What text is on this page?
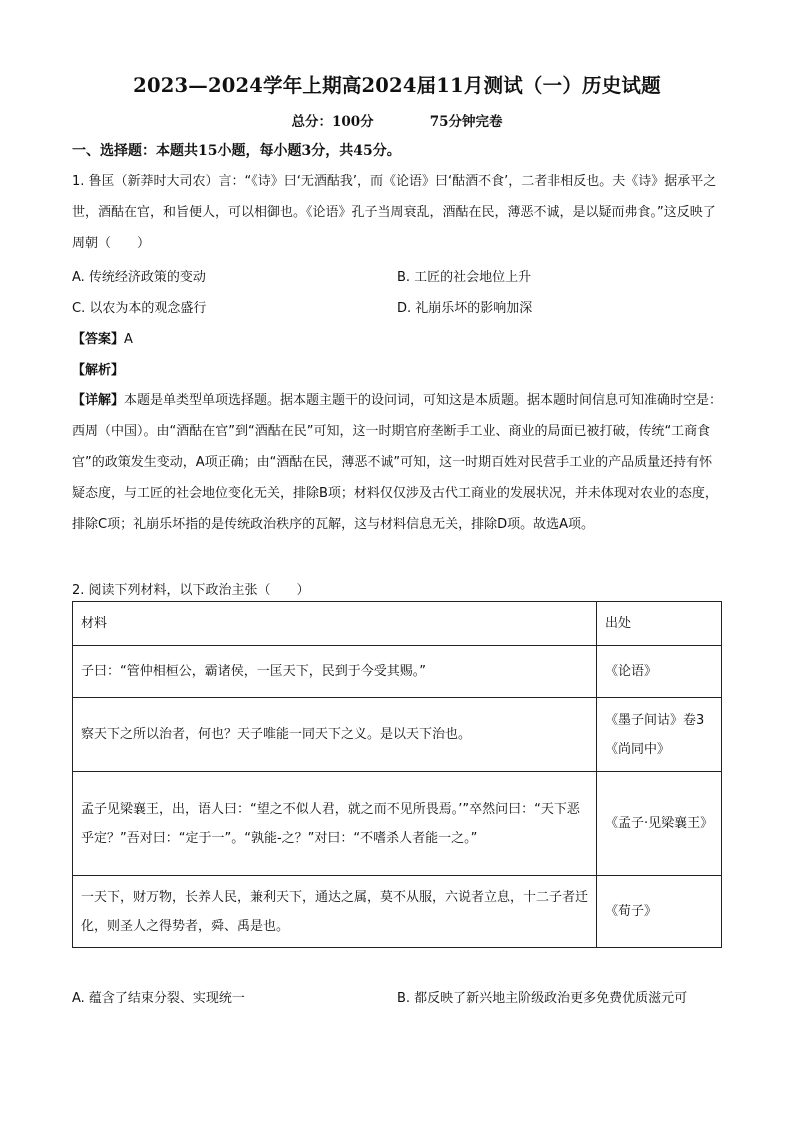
2023—2024学年上期高2024届11月测试（一）历史试题
总分：100分	75分钟完卷
一、选择题：本题共15小题，每小题3分，共45分。
1. 鲁匡（新莽时大司农）言：“《诗》曰‘无酒酤我’，而《论语》曰‘酤酒不食’，二者非相反也。夫《诗》据承平之世，酒酤在官，和旨便人，可以相御也。《论语》孔子当周衰乱，酒酤在民，薄恶不诚，是以疑而弗食。”这反映了周朝（　　）
A. 传统经济政策的变动	B. 工匠的社会地位上升
C. 以农为本的观念盛行	D. 礼崩乐坏的影响加深
【答案】A
【解析】
【详解】本题是单类型单项选择题。据本题主题干的设问词，可知这是本质题。据本题时间信息可知准确时空是：西周（中国）。由“酒酤在官”到“酒酤在民”可知，这一时期官府垄断手工业、商业的局面已被打破，传统“工商食官”的政策发生变动，A项正确；由“酒酤在民，薄恶不诚”可知，这一时期百姓对民营手工业的产品质量还持有怀疑态度，与工匠的社会地位变化无关，排除B项；材料仅仅涉及古代工商业的发展状况，并未体现对农业的态度，排除C项；礼崩乐坏指的是传统政治秩序的瓦解，这与材料信息无关，排除D项。故选A项。
2. 阅读下列材料，以下政治主张（　　）
材料	出处
子曰：“管仲相桓公，霸诸侯，一匡天下，民到于今受其赐。”	《论语》
察天下之所以治者，何也？天子唯能一同天下之义。是以天下治也。	《墨子间诂》卷3《尚同中》
孟子见梁襄王，出，语人曰：“望之不似人君，就之而不见所畏焉。’”卒然问曰：“天下恶乎定？”吾对曰：“定于一”。“孰能-之？”对曰：“不嗜杀人者能一之。”	《孟子·见梁襄王》
一天下，财万物，长养人民，兼利天下，通达之属，莫不从服，六说者立息，十二子者迁化，则圣人之得势者，舜、禹是也。	《荀子》
A. 蕴含了结束分裂、实现统一	B. 都反映了新兴地主阶级政治更多免费优质滋元可
